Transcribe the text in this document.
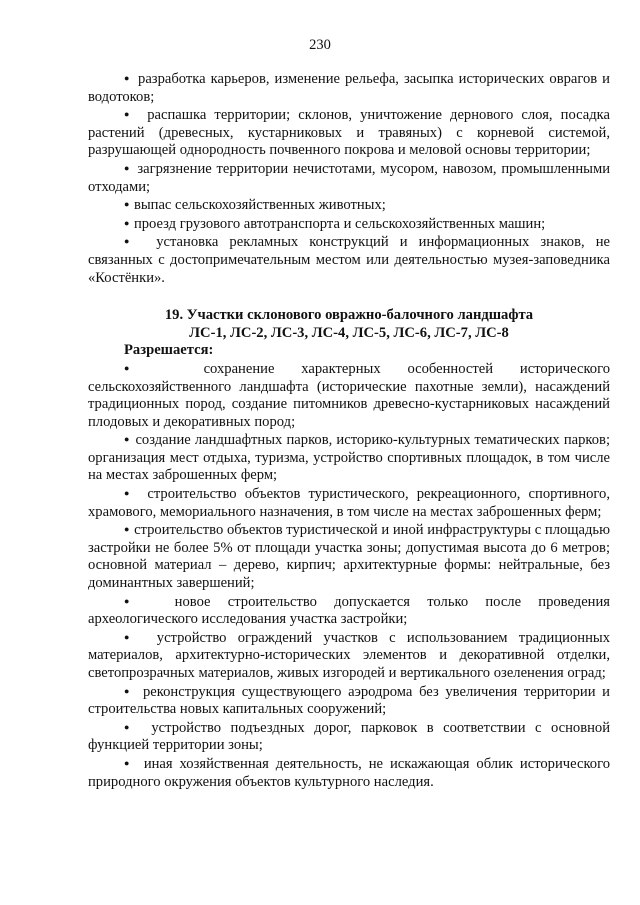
230

●  разработка карьеров, изменение рельефа, засыпка исторических оврагов и водотоков;

●  распашка территории; склонов, уничтожение дернового слоя, посадка растений (древесных, кустарниковых и травяных) с корневой системой, разрушающей однородность почвенного покрова и меловой основы территории;

●  загрязнение территории нечистотами, мусором, навозом, промышленными отходами;

●  выпас сельскохозяйственных животных;

●  проезд грузового автотранспорта и сельскохозяйственных машин;

●  установка рекламных конструкций и информационных знаков, не связанных с достопримечательным местом или деятельностью музея-заповедника «Костёнки».

19. Участки склонового овражно-балочного ландшафта
ЛС-1, ЛС-2, ЛС-3, ЛС-4, ЛС-5, ЛС-6, ЛС-7, ЛС-8

Разрешается:

●  сохранение характерных особенностей исторического сельскохозяйственного ландшафта (исторические пахотные земли), насаждений традиционных пород, создание питомников древесно-кустарниковых насаждений плодовых и декоративных пород;

●  создание ландшафтных парков, историко-культурных тематических парков; организация мест отдыха, туризма, устройство спортивных площадок, в том числе на местах заброшенных ферм;

●  строительство объектов туристического, рекреационного, спортивного, храмового, мемориального назначения, в том числе на местах заброшенных ферм;

●  строительство объектов туристической и иной инфраструктуры с площадью застройки не более 5% от площади участка зоны; допустимая высота до 6 метров; основной материал – дерево, кирпич; архитектурные формы: нейтральные, без доминантных завершений;

●  новое строительство допускается только после проведения археологического исследования участка застройки;

●  устройство ограждений участков с использованием традиционных материалов, архитектурно-исторических элементов и декоративной отделки, светопрозрачных материалов, живых изгородей и вертикального озеленения оград;

●  реконструкция существующего аэродрома без увеличения территории и строительства новых капитальных сооружений;

●  устройство подъездных дорог, парковок в соответствии с основной функцией территории зоны;

●  иная хозяйственная деятельность, не искажающая облик исторического природного окружения объектов культурного наследия.
